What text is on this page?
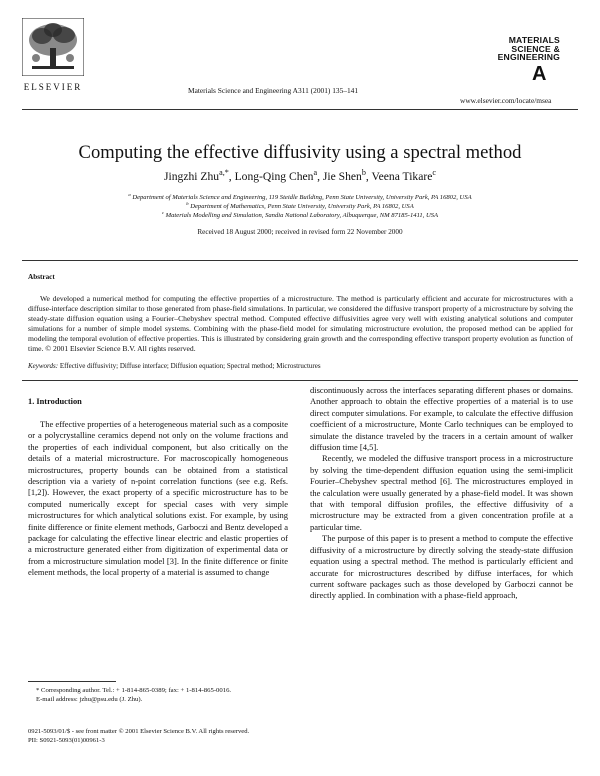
ELSEVIER	Materials Science and Engineering A311 (2001) 135–141
MATERIALS
SCIENCE &
ENGINEERING
A
www.elsevier.com/locate/msea
Computing the effective diffusivity using a spectral method
Jingzhi Zhu$^{a,*}$, Long-Qing Chen$^a$, Jie Shen$^b$, Veena Tikare$^c$
$^a$ Department of Materials Science and Engineering, 119 Steidle Building, Penn State University, University Park, PA 16802, USA
$^b$ Department of Mathematics, Penn State University, University Park, PA 16802, USA
$^c$ Materials Modelling and Simulation, Sandia National Laboratory, Albuquerque, NM 87185-1411, USA
Received 18 August 2000; received in revised form 22 November 2000
Abstract
We developed a numerical method for computing the effective properties of a microstructure. The method is particularly efficient and accurate for microstructures with a diffuse-interface description similar to those generated from phase-field simulations. In particular, we considered the diffusive transport property of a microstructure by solving the steady-state diffusion equation using a Fourier–Chebyshev spectral method. Computed effective diffusivities agree very well with existing analytical solutions and computer simulations for a number of simple model systems. Combining with the phase-field model for simulating microstructure evolution, the proposed method can be applied for modeling the temporal evolution of effective properties. This is illustrated by considering grain growth and the corresponding effective transport property evolution as function of time. © 2001 Elsevier Science B.V. All rights reserved.
Keywords: Effective diffusivity; Diffuse interface; Diffusion equation; Spectral method; Microstructures
1. Introduction

The effective properties of a heterogeneous material such as a composite or a polycrystalline ceramics depend not only on the volume fractions and the properties of each individual component, but also critically on the details of a material microstructure. For macroscopically homogeneous microstructures, property bounds can be obtained from a statistical description via a variety of n-point correlation functions (see e.g. Refs. [1,2]). However, the exact property of a specific microstructure has to be computed numerically except for special cases with very simple microstructures for which analytical solutions exist. For example, by using finite difference or finite element methods, Garboczi and Bentz developed a package for calculating the effective linear electric and elastic properties of a microstructure generated either from digitization of experimental data or from a microstructure simulation model [3]. In the finite difference or finite element methods, the local property of a material is assumed to change

discontinuously across the interfaces separating different phases or domains. Another approach to obtain the effective properties of a material is to use direct computer simulations. For example, to calculate the effective diffusion coefficient of a microstructure, Monte Carlo techniques can be employed to simulate the distance traveled by the tracers in a certain amount of walker diffusion time [4,5].

Recently, we modeled the diffusive transport process in a microstructure by solving the time-dependent diffusion equation using the semi-implicit Fourier–Chebyshev spectral method [6]. The microstructures employed in the calculation were usually generated by a phase-field model. It was shown that with temporal diffusion profiles, the effective diffusivity of a microstructure may be extracted from a given concentration profile at a particular time.

The purpose of this paper is to present a method to compute the effective diffusivity of a microstructure by directly solving the steady-state diffusion equation using a spectral method. The method is particularly efficient and accurate for microstructures described by diffuse interfaces, for which current software packages such as those developed by Garboczi cannot be directly applied. In combination with a phase-field approach,

* Corresponding author. Tel.: + 1-814-865-0389; fax: + 1-814-865-0016.
E-mail address: jzhu@psu.edu (J. Zhu).
0921-5093/01/$ - see front matter © 2001 Elsevier Science B.V. All rights reserved.
PII: S0921-5093(01)00961-3
